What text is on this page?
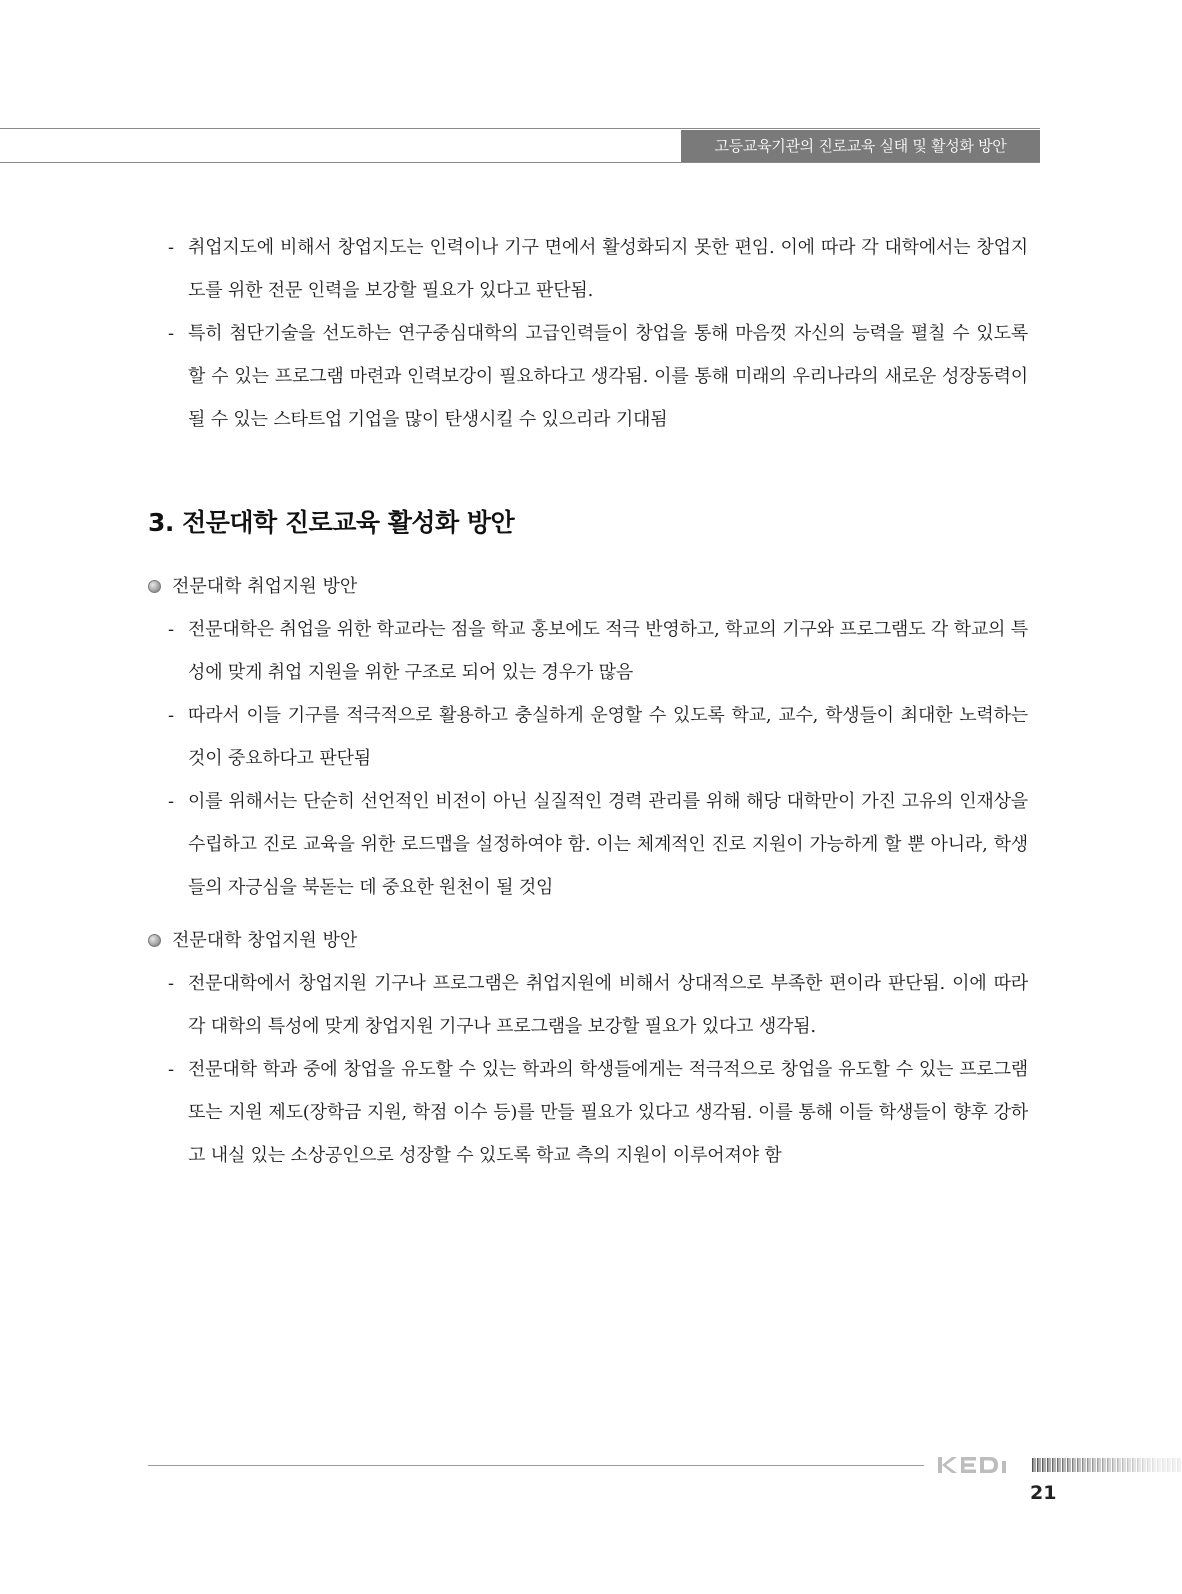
고등교육기관의 진로교육 실태 및 활성화 방안
- 취업지도에 비해서 창업지도는 인력이나 기구 면에서 활성화되지 못한 편임. 이에 따라 각 대학에서는 창업지도를 위한 전문 인력을 보강할 필요가 있다고 판단됨.
- 특히 첨단기술을 선도하는 연구중심대학의 고급인력들이 창업을 통해 마음껏 자신의 능력을 펼칠 수 있도록 할 수 있는 프로그램 마련과 인력보강이 필요하다고 생각됨. 이를 통해 미래의 우리나라의 새로운 성장동력이 될 수 있는 스타트업 기업을 많이 탄생시킬 수 있으리라 기대됨
3. 전문대학 진로교육 활성화 방안
전문대학 취업지원 방안
- 전문대학은 취업을 위한 학교라는 점을 학교 홍보에도 적극 반영하고, 학교의 기구와 프로그램도 각 학교의 특성에 맞게 취업 지원을 위한 구조로 되어 있는 경우가 많음
- 따라서 이들 기구를 적극적으로 활용하고 충실하게 운영할 수 있도록 학교, 교수, 학생들이 최대한 노력하는 것이 중요하다고 판단됨
- 이를 위해서는 단순히 선언적인 비전이 아닌 실질적인 경력 관리를 위해 해당 대학만이 가진 고유의 인재상을 수립하고 진로 교육을 위한 로드맵을 설정하여야 함. 이는 체계적인 진로 지원이 가능하게 할 뿐 아니라, 학생들의 자긍심을 북돋는 데 중요한 원천이 될 것임
전문대학 창업지원 방안
- 전문대학에서 창업지원 기구나 프로그램은 취업지원에 비해서 상대적으로 부족한 편이라 판단됨. 이에 따라 각 대학의 특성에 맞게 창업지원 기구나 프로그램을 보강할 필요가 있다고 생각됨.
- 전문대학 학과 중에 창업을 유도할 수 있는 학과의 학생들에게는 적극적으로 창업을 유도할 수 있는 프로그램 또는 지원 제도(장학금 지원, 학점 이수 등)를 만들 필요가 있다고 생각됨. 이를 통해 이들 학생들이 향후 강하고 내실 있는 소상공인으로 성장할 수 있도록 학교 측의 지원이 이루어져야 함
KEDI
21
